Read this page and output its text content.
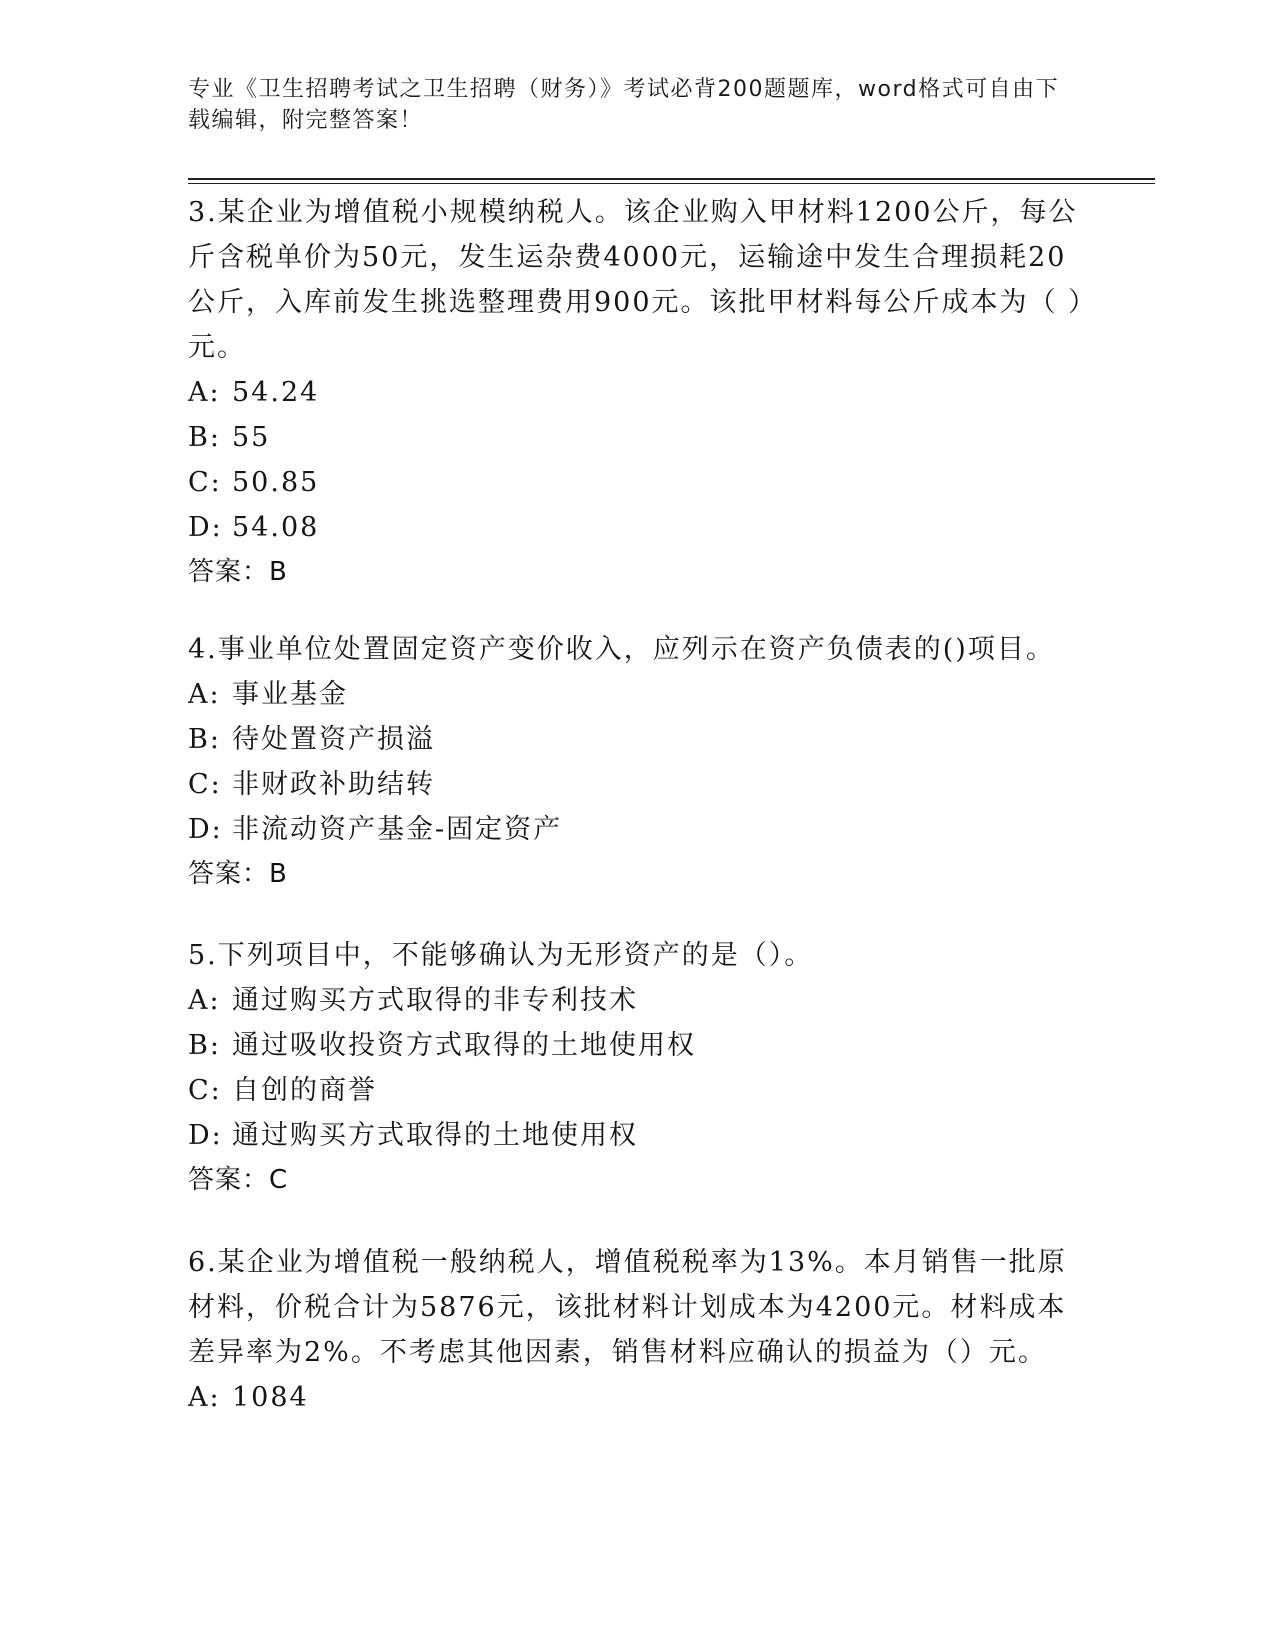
专业《卫生招聘考试之卫生招聘（财务）》考试必背200题题库，word格式可自由下载编辑，附完整答案！

3.某企业为增值税小规模纳税人。该企业购入甲材料1200公斤，每公斤含税单价为50元，发生运杂费4000元，运输途中发生合理损耗20公斤，入库前发生挑选整理费用900元。该批甲材料每公斤成本为（ ）元。

A: 54.24

B: 55

C: 50.85

D: 54.08

答案：B

4.事业单位处置固定资产变价收入，应列示在资产负债表的()项目。

A: 事业基金

B: 待处置资产损溢

C: 非财政补助结转

D: 非流动资产基金-固定资产

答案：B

5.下列项目中，不能够确认为无形资产的是（）。

A: 通过购买方式取得的非专利技术

B: 通过吸收投资方式取得的土地使用权

C: 自创的商誉

D: 通过购买方式取得的土地使用权

答案：C

6.某企业为增值税一般纳税人，增值税税率为13%。本月销售一批原材料，价税合计为5876元，该批材料计划成本为4200元。材料成本差异率为2%。不考虑其他因素，销售材料应确认的损益为（）元。

A: 1084
